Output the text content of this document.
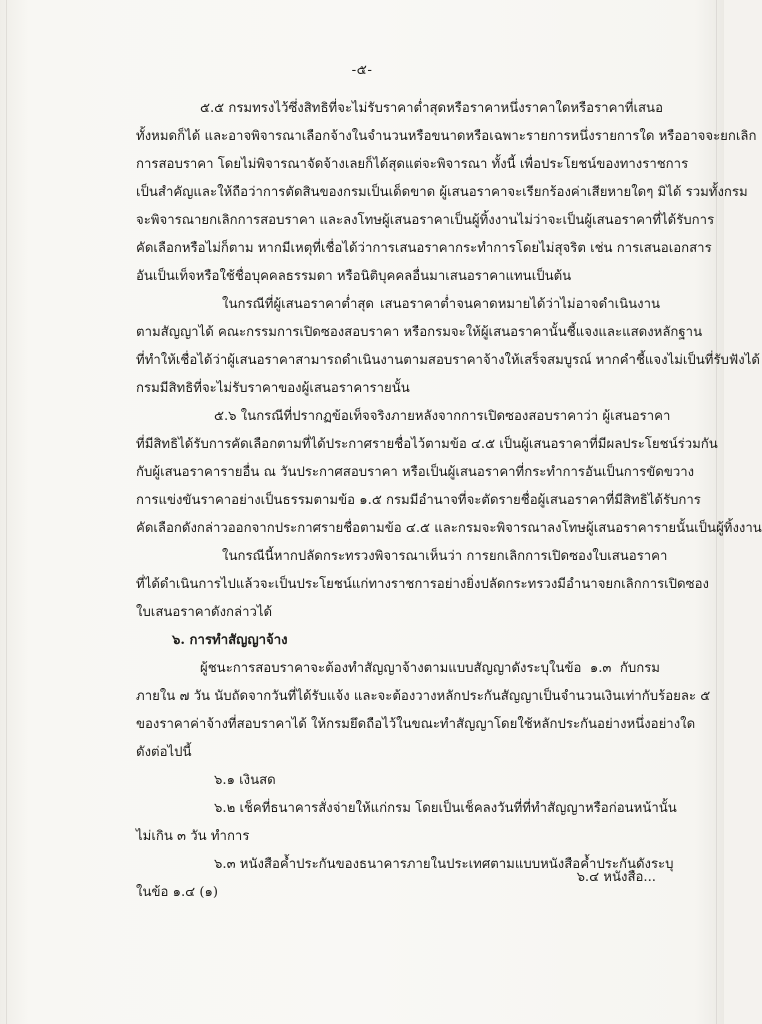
-๕-
๕.๕ กรมทรงไว้ซึ่งสิทธิที่จะไม่รับราคาต่ำสุดหรือราคาหนึ่งราคาใดหรือราคาที่เสนอ
ทั้งหมดก็ได้ และอาจพิจารณาเลือกจ้างในจำนวนหรือขนาดหรือเฉพาะรายการหนึ่งรายการใด หรืออาจจะยกเลิก
การสอบราคา โดยไม่พิจารณาจัดจ้างเลยก็ได้สุดแต่จะพิจารณา ทั้งนี้ เพื่อประโยชน์ของทางราชการ
เป็นสำคัญและให้ถือว่าการตัดสินของกรมเป็นเด็ดขาด ผู้เสนอราคาจะเรียกร้องค่าเสียหายใดๆ มิได้ รวมทั้งกรม
จะพิจารณายกเลิกการสอบราคา และลงโทษผู้เสนอราคาเป็นผู้ทิ้งงานไม่ว่าจะเป็นผู้เสนอราคาที่ได้รับการ
คัดเลือกหรือไม่ก็ตาม หากมีเหตุที่เชื่อได้ว่าการเสนอราคากระทำการโดยไม่สุจริต เช่น การเสนอเอกสาร
อันเป็นเท็จหรือใช้ชื่อบุคคลธรรมดา หรือนิติบุคคลอื่นมาเสนอราคาแทนเป็นต้น
ในกรณีที่ผู้เสนอราคาต่ำสุด เสนอราคาต่ำจนคาดหมายได้ว่าไม่อาจดำเนินงาน
ตามสัญญาได้ คณะกรรมการเปิดซองสอบราคา หรือกรมจะให้ผู้เสนอราคานั้นชี้แจงและแสดงหลักฐาน
ที่ทำให้เชื่อได้ว่าผู้เสนอราคาสามารถดำเนินงานตามสอบราคาจ้างให้เสร็จสมบูรณ์ หากคำชี้แจงไม่เป็นที่รับฟังได้
กรมมีสิทธิที่จะไม่รับราคาของผู้เสนอราคารายนั้น
๕.๖ ในกรณีที่ปรากฏข้อเท็จจริงภายหลังจากการเปิดซองสอบราคาว่า ผู้เสนอราคา
ที่มีสิทธิได้รับการคัดเลือกตามที่ได้ประกาศรายชื่อไว้ตามข้อ ๔.๕ เป็นผู้เสนอราคาที่มีผลประโยชน์ร่วมกัน
กับผู้เสนอราคารายอื่น ณ วันประกาศสอบราคา หรือเป็นผู้เสนอราคาที่กระทำการอันเป็นการขัดขวาง
การแข่งขันราคาอย่างเป็นธรรมตามข้อ ๑.๕ กรมมีอำนาจที่จะตัดรายชื่อผู้เสนอราคาที่มีสิทธิได้รับการ
คัดเลือกดังกล่าวออกจากประกาศรายชื่อตามข้อ ๔.๕ และกรมจะพิจารณาลงโทษผู้เสนอราคารายนั้นเป็นผู้ทิ้งงาน
ในกรณีนี้หากปลัดกระทรวงพิจารณาเห็นว่า การยกเลิกการเปิดซองใบเสนอราคา
ที่ได้ดำเนินการไปแล้วจะเป็นประโยชน์แก่ทางราชการอย่างยิ่งปลัดกระทรวงมีอำนาจยกเลิกการเปิดซอง
ใบเสนอราคาดังกล่าวได้
๖. การทำสัญญาจ้าง
ผู้ชนะการสอบราคาจะต้องทำสัญญาจ้างตามแบบสัญญาดังระบุในข้อ ๑.๓ กับกรม
ภายใน ๗ วัน นับถัดจากวันที่ได้รับแจ้ง และจะต้องวางหลักประกันสัญญาเป็นจำนวนเงินเท่ากับร้อยละ ๕
ของราคาค่าจ้างที่สอบราคาได้ ให้กรมยึดถือไว้ในขณะทำสัญญาโดยใช้หลักประกันอย่างหนึ่งอย่างใด
ดังต่อไปนี้
๖.๑ เงินสด
๖.๒ เช็คที่ธนาคารสั่งจ่ายให้แก่กรม โดยเป็นเช็คลงวันที่ที่ทำสัญญาหรือก่อนหน้านั้น
ไม่เกิน ๓ วัน ทำการ
๖.๓ หนังสือค้ำประกันของธนาคารภายในประเทศตามแบบหนังสือค้ำประกันดังระบุ
ในข้อ ๑.๔ (๑)
๖.๔ หนังสือ...
